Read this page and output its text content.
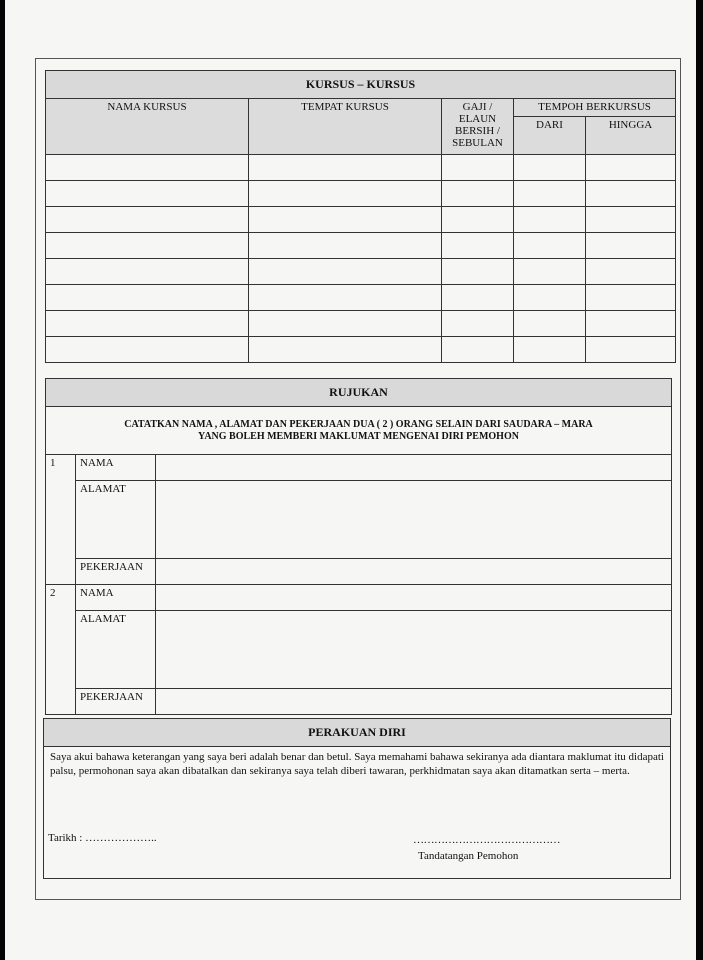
KURSUS – KURSUS				
NAMA KURSUS	TEMPAT KURSUS	GAJI /
ELAUN
BERSIH /
SEBULAN	TEMPOH BERKURSUS	
			DARI	HINGGA

RUJUKAN		

CATATKAN NAMA , ALAMAT DAN PEKERJAAN DUA ( 2 ) ORANG SELAIN DARI SAUDARA – MARA
YANG BOLEH MEMBERI MAKLUMAT MENGENAI DIRI PEMOHON		

1	NAMA	
	ALAMAT	
	PEKERJAAN	
2	NAMA	
	ALAMAT	
	PEKERJAAN	
PERAKUAN DIRI

Saya akui bahawa keterangan yang saya beri adalah benar dan betul. Saya memahami bahawa sekiranya ada diantara maklumat itu didapati palsu, permohonan saya akan dibatalkan dan sekiranya saya telah diberi tawaran, perkhidmatan saya akan ditamatkan serta – merta.
Tarikh : ………………..	……………………………………
Tandatangan Pemohon
